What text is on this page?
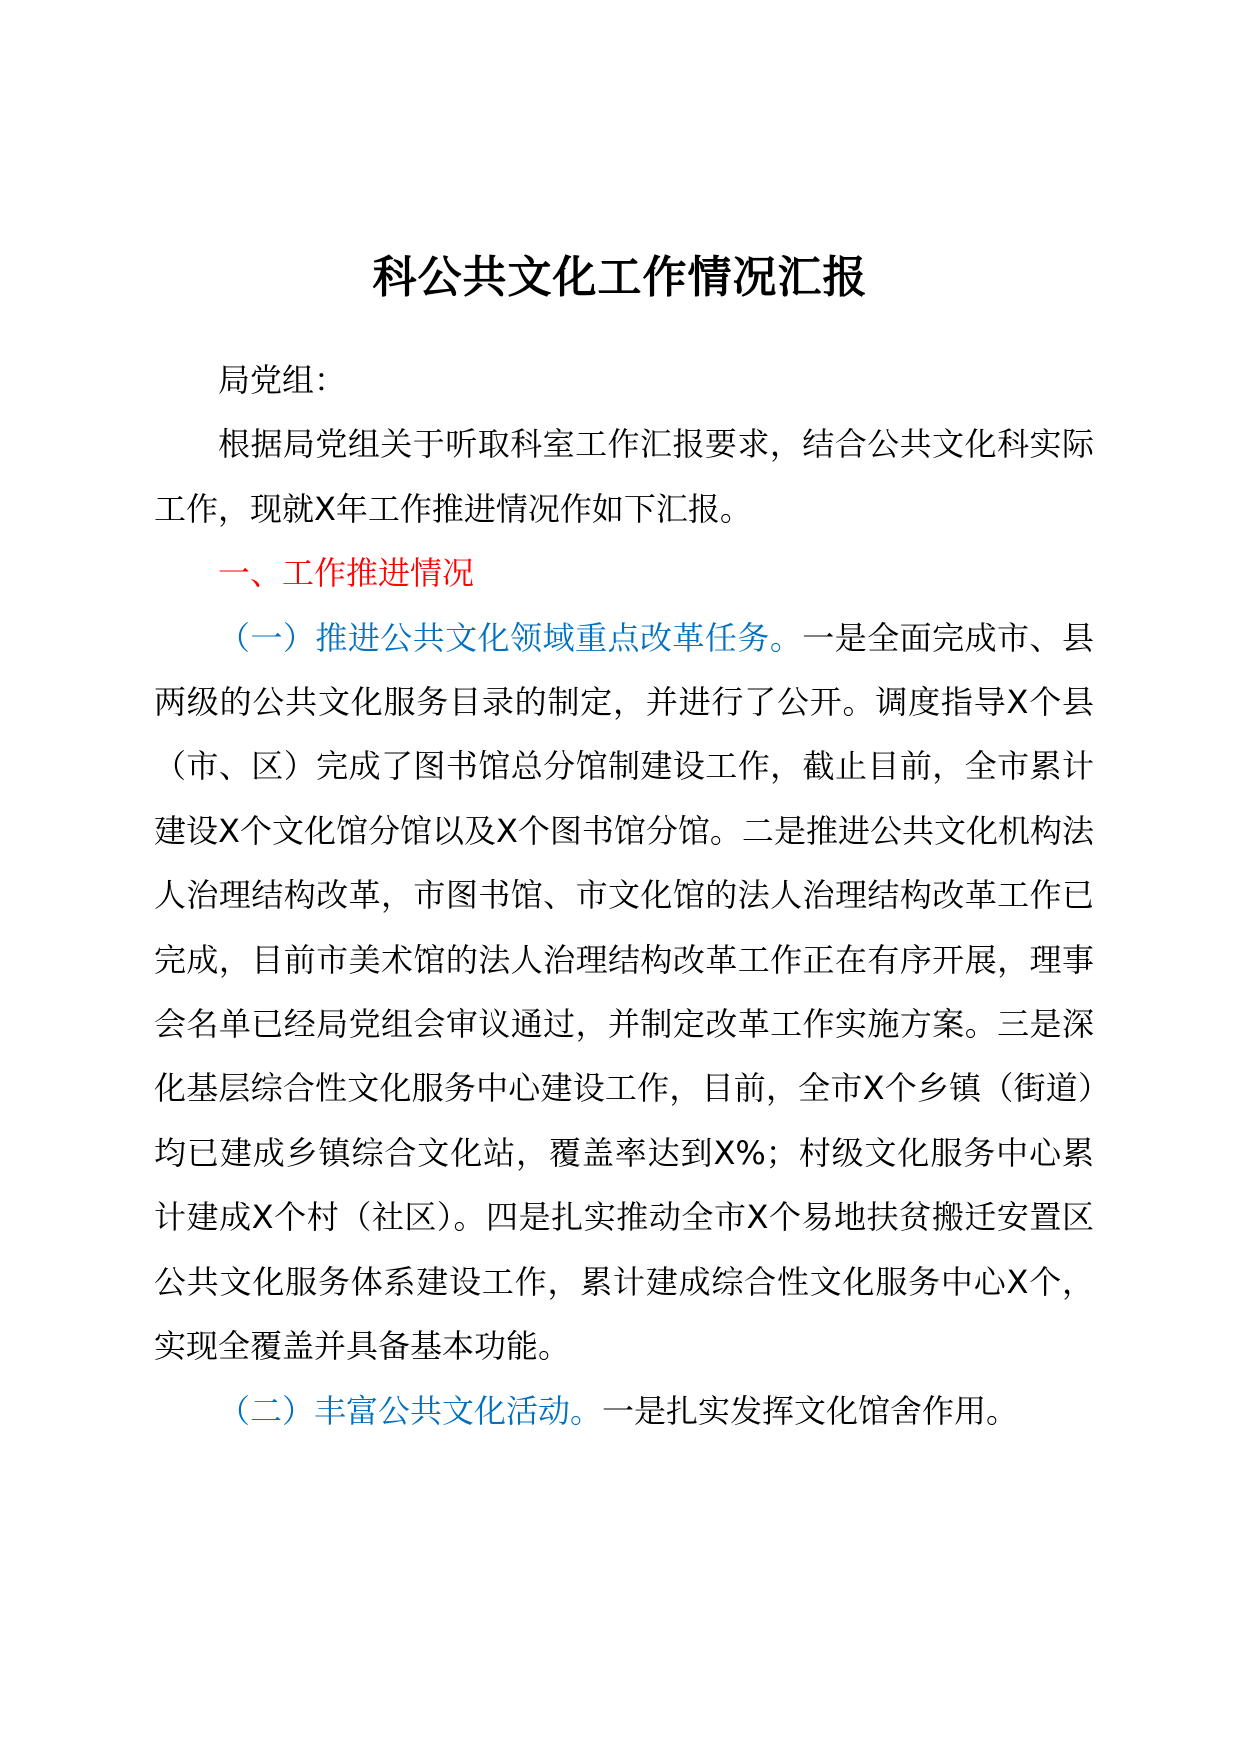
科公共文化工作情况汇报

局党组：

根据局党组关于听取科室工作汇报要求，结合公共文化科实际工作，现就X年工作推进情况作如下汇报。

一、工作推进情况

（一）推进公共文化领域重点改革任务。一是全面完成市、县两级的公共文化服务目录的制定，并进行了公开。调度指导X个县（市、区）完成了图书馆总分馆制建设工作，截止目前，全市累计建设X个文化馆分馆以及X个图书馆分馆。二是推进公共文化机构法人治理结构改革，市图书馆、市文化馆的法人治理结构改革工作已完成，目前市美术馆的法人治理结构改革工作正在有序开展，理事会名单已经局党组会审议通过，并制定改革工作实施方案。三是深化基层综合性文化服务中心建设工作，目前，全市X个乡镇（街道）均已建成乡镇综合文化站，覆盖率达到X%；村级文化服务中心累计建成X个村（社区）。四是扎实推动全市X个易地扶贫搬迁安置区公共文化服务体系建设工作，累计建成综合性文化服务中心X个，实现全覆盖并具备基本功能。

（二）丰富公共文化活动。一是扎实发挥文化馆舍作用。
